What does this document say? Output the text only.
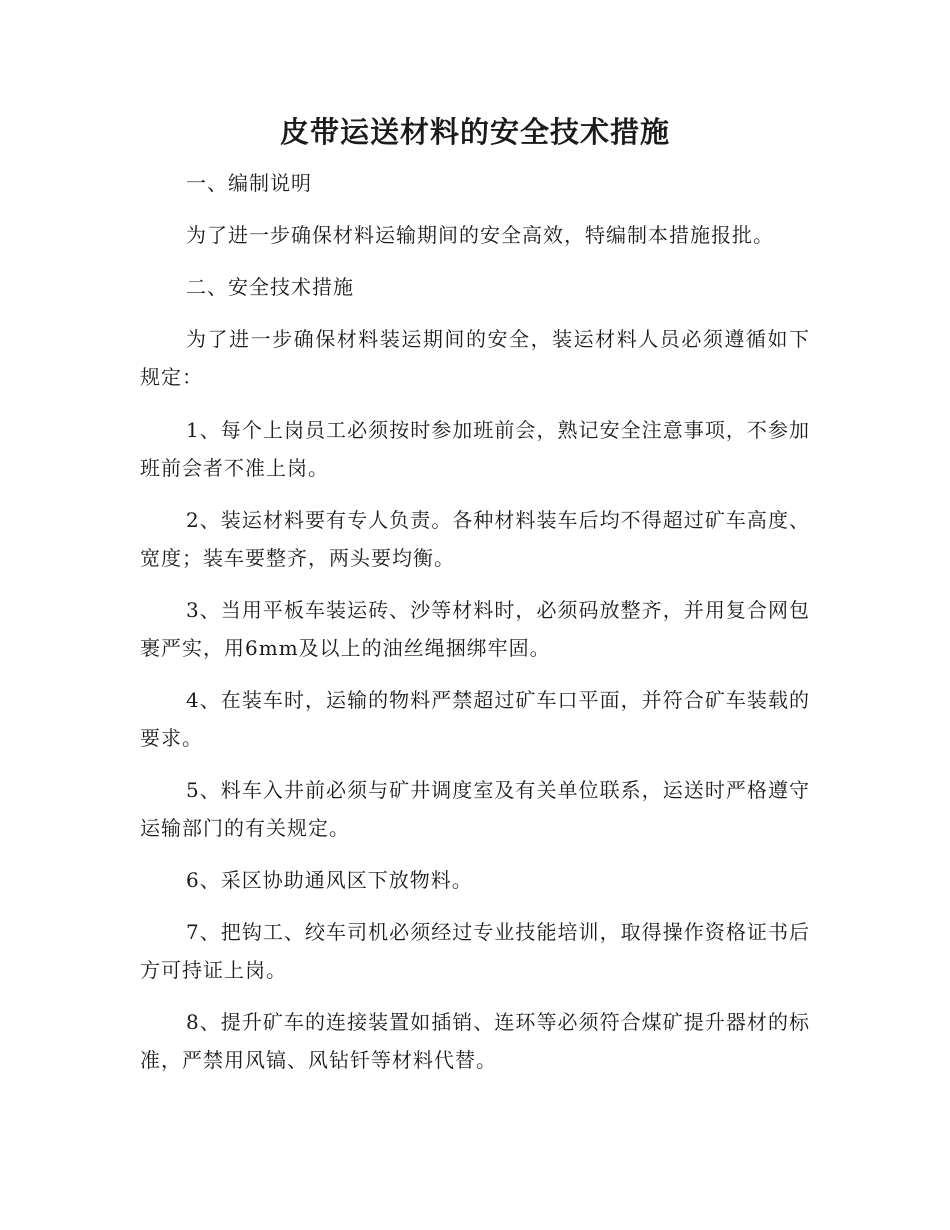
皮带运送材料的安全技术措施

一、编制说明

为了进一步确保材料运输期间的安全高效，特编制本措施报批。

二、安全技术措施

为了进一步确保材料装运期间的安全，装运材料人员必须遵循如下规定：

1、每个上岗员工必须按时参加班前会，熟记安全注意事项，不参加班前会者不准上岗。

2、装运材料要有专人负责。各种材料装车后均不得超过矿车高度、宽度；装车要整齐，两头要均衡。

3、当用平板车装运砖、沙等材料时，必须码放整齐，并用复合网包裹严实，用6mm及以上的油丝绳捆绑牢固。

4、在装车时，运输的物料严禁超过矿车口平面，并符合矿车装载的要求。

5、料车入井前必须与矿井调度室及有关单位联系，运送时严格遵守运输部门的有关规定。

6、采区协助通风区下放物料。

7、把钩工、绞车司机必须经过专业技能培训，取得操作资格证书后方可持证上岗。

8、提升矿车的连接装置如插销、连环等必须符合煤矿提升器材的标准，严禁用风镐、风钻钎等材料代替。
